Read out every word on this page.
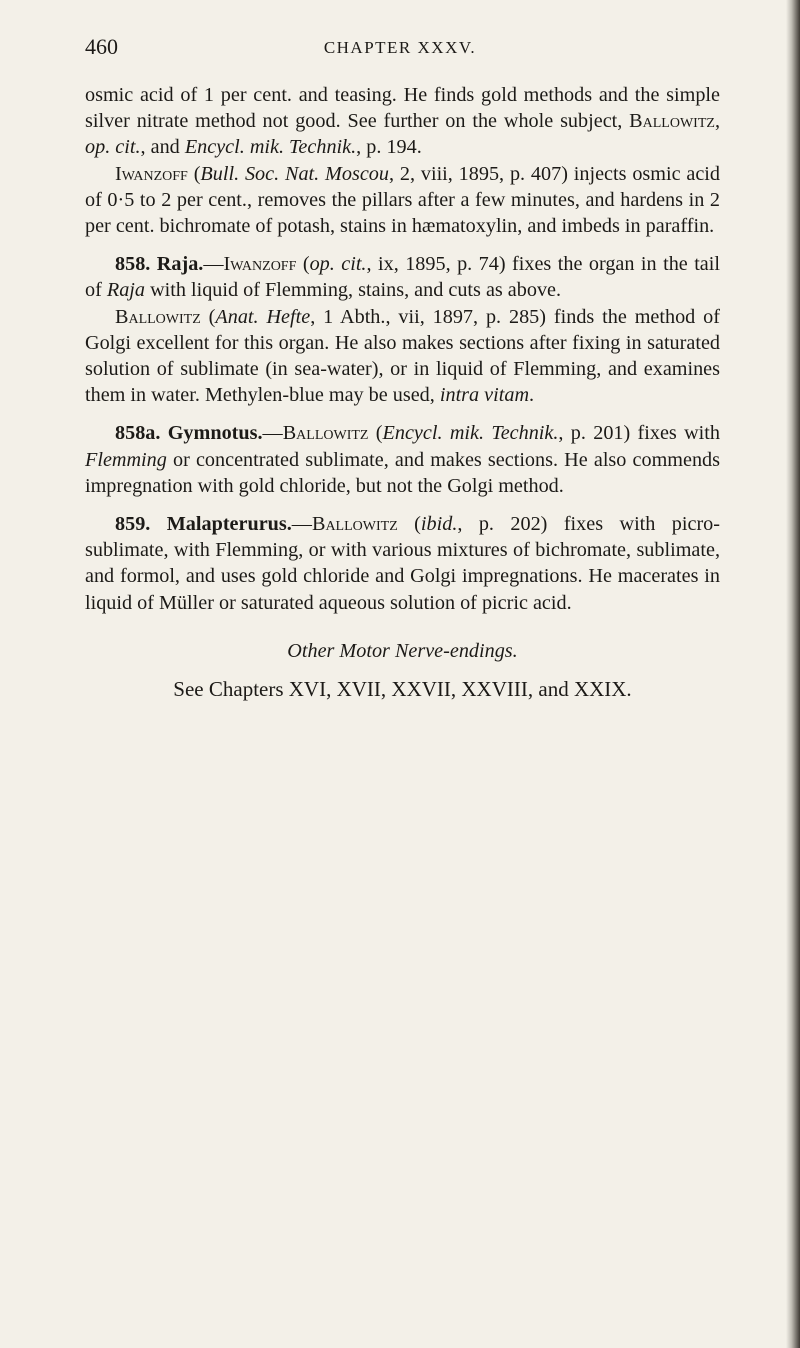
460	CHAPTER XXXV.

osmic acid of 1 per cent. and teasing. He finds gold methods and the simple silver nitrate method not good. See further on the whole subject, Ballowitz, op. cit., and Encycl. mik. Technik., p. 194.

Iwanzoff (Bull. Soc. Nat. Moscou, 2, viii, 1895, p. 407) injects osmic acid of 0·5 to 2 per cent., removes the pillars after a few minutes, and hardens in 2 per cent. bichromate of potash, stains in hæmatoxylin, and imbeds in paraffin.

858. Raja.—Iwanzoff (op. cit., ix, 1895, p. 74) fixes the organ in the tail of Raja with liquid of Flemming, stains, and cuts as above.

Ballowitz (Anat. Hefte, 1 Abth., vii, 1897, p. 285) finds the method of Golgi excellent for this organ. He also makes sections after fixing in saturated solution of sublimate (in sea-water), or in liquid of Flemming, and examines them in water. Methylen-blue may be used, intra vitam.

858a. Gymnotus.—Ballowitz (Encycl. mik. Technik., p. 201) fixes with Flemming or concentrated sublimate, and makes sections. He also commends impregnation with gold chloride, but not the Golgi method.

859. Malapterurus.—Ballowitz (ibid., p. 202) fixes with picro-sublimate, with Flemming, or with various mixtures of bichromate, sublimate, and formol, and uses gold chloride and Golgi impregnations. He macerates in liquid of Müller or saturated aqueous solution of picric acid.

Other Motor Nerve-endings.
See Chapters XVI, XVII, XXVII, XXVIII, and XXIX.
